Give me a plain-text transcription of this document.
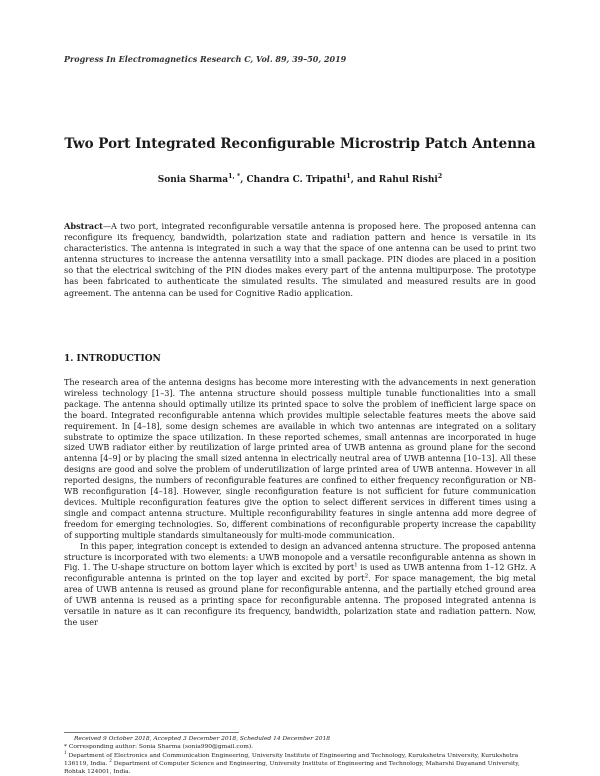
Progress In Electromagnetics Research C, Vol. 89, 39–50, 2019
Two Port Integrated Reconfigurable Microstrip Patch Antenna
Sonia Sharma$^{1, *}$, Chandra C. Tripathi$^1$, and Rahul Rishi$^2$
Abstract—A two port, integrated reconfigurable versatile antenna is proposed here. The proposed antenna can reconfigure its frequency, bandwidth, polarization state and radiation pattern and hence is versatile in its characteristics. The antenna is integrated in such a way that the space of one antenna can be used to print two antenna structures to increase the antenna versatility into a small package. PIN diodes are placed in a position so that the electrical switching of the PIN diodes makes every part of the antenna multipurpose. The prototype has been fabricated to authenticate the simulated results. The simulated and measured results are in good agreement. The antenna can be used for Cognitive Radio application.
1. INTRODUCTION

The research area of the antenna designs has become more interesting with the advancements in next generation wireless technology [1–3]. The antenna structure should possess multiple tunable functionalities into a small package. The antenna should optimally utilize its printed space to solve the problem of inefficient large space on the board. Integrated reconfigurable antenna which provides multiple selectable features meets the above said requirement. In [4–18], some design schemes are available in which two antennas are integrated on a solitary substrate to optimize the space utilization. In these reported schemes, small antennas are incorporated in huge sized UWB radiator either by reutilization of large printed area of UWB antenna as ground plane for the second antenna [4–9] or by placing the small sized antenna in electrically neutral area of UWB antenna [10–13]. All these designs are good and solve the problem of underutilization of large printed area of UWB antenna. However in all reported designs, the numbers of reconfigurable features are confined to either frequency reconfiguration or NB-WB reconfiguration [4–18]. However, single reconfiguration feature is not sufficient for future communication devices. Multiple reconfiguration features give the option to select different services in different times using a single and compact antenna structure. Multiple reconfigurability features in single antenna add more degree of freedom for emerging technologies. So, different combinations of reconfigurable property increase the capability of supporting multiple standards simultaneously for multi-mode communication.

In this paper, integration concept is extended to design an advanced antenna structure. The proposed antenna structure is incorporated with two elements: a UWB monopole and a versatile reconfigurable antenna as shown in Fig. 1. The U-shape structure on bottom layer which is excited by port$^1$ is used as UWB antenna from 1–12 GHz. A reconfigurable antenna is printed on the top layer and excited by port$^2$. For space management, the big metal area of UWB antenna is reused as ground plane for reconfigurable antenna, and the partially etched ground area of UWB antenna is reused as a printing space for reconfigurable antenna. The proposed integrated antenna is versatile in nature as it can reconfigure its frequency, bandwidth, polarization state and radiation pattern. Now, the user

Received 9 October 2018, Accepted 3 December 2018, Scheduled 14 December 2018
* Corresponding author: Sonia Sharma (sonia990@gmail.com).
$^1$ Department of Electronics and Communication Engineering, University Institute of Engineering and Technology, Kurukshetra University, Kurukshetra 136119, India. $^2$ Department of Computer Science and Engineering, University Institute of Engineering and Technology, Maharshi Dayanand University, Rohtak 124001, India.
